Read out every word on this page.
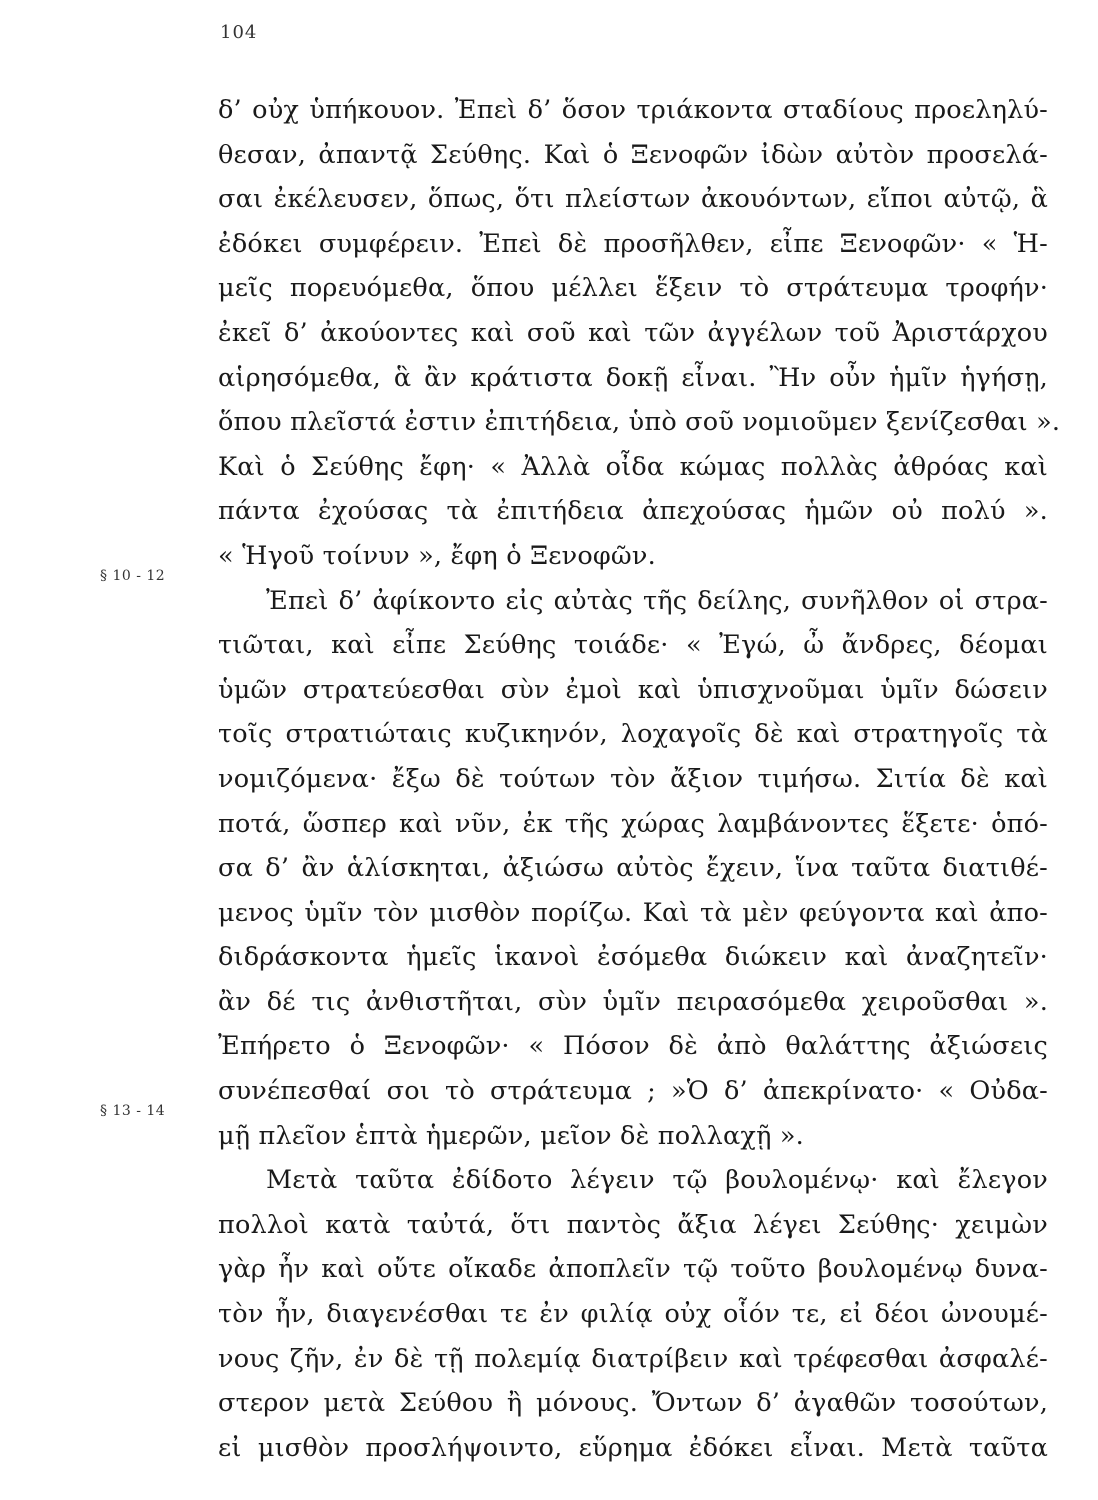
104
§ 10 - 12
§ 13 - 14
δ’ οὐχ ὑπήκουον. Ἐπεὶ δ’ ὅσον τριάκοντα σταδίους προεληλύ-
θεσαν, ἀπαντᾷ Σεύθης. Καὶ ὁ Ξενοφῶν ἰδὼν αὐτὸν προσελά-
σαι ἐκέλευσεν, ὅπως, ὅτι πλείστων ἀκουόντων, εἴποι αὐτῷ, ἃ
ἐδόκει συμφέρειν. Ἐπεὶ δὲ προσῆλθεν, εἶπε Ξενοφῶν· « Ἡ-
μεῖς πορευόμεθα, ὅπου μέλλει ἕξειν τὸ στράτευμα τροφήν·
ἐκεῖ δ’ ἀκούοντες καὶ σοῦ καὶ τῶν ἀγγέλων τοῦ Ἀριστάρχου
αἱρησόμεθα, ἃ ἂν κράτιστα δοκῇ εἶναι. Ἢν οὖν ἡμῖν ἡγήσῃ,
ὅπου πλεῖστά ἐστιν ἐπιτήδεια, ὑπὸ σοῦ νομιοῦμεν ξενίζεσθαι ».
Καὶ ὁ Σεύθης ἔφη· « Ἀλλὰ οἶδα κώμας πολλὰς ἀθρόας καὶ
πάντα ἐχούσας τὰ ἐπιτήδεια ἀπεχούσας ἡμῶν οὐ πολύ ».
« Ἡγοῦ τοίνυν », ἔφη ὁ Ξενοφῶν.
Ἐπεὶ δ’ ἀφίκοντο εἰς αὐτὰς τῆς δείλης, συνῆλθον οἱ στρα-
τιῶται, καὶ εἶπε Σεύθης τοιάδε· « Ἐγώ, ὦ ἄνδρες, δέομαι
ὑμῶν στρατεύεσθαι σὺν ἐμοὶ καὶ ὑπισχνοῦμαι ὑμῖν δώσειν
τοῖς στρατιώταις κυζικηνόν, λοχαγοῖς δὲ καὶ στρατηγοῖς τὰ
νομιζόμενα· ἔξω δὲ τούτων τὸν ἄξιον τιμήσω. Σιτία δὲ καὶ
ποτά, ὥσπερ καὶ νῦν, ἐκ τῆς χώρας λαμβάνοντες ἕξετε· ὁπό-
σα δ’ ἂν ἁλίσκηται, ἀξιώσω αὐτὸς ἔχειν, ἵνα ταῦτα διατιθέ-
μενος ὑμῖν τὸν μισθὸν πορίζω. Καὶ τὰ μὲν φεύγοντα καὶ ἀπο-
διδράσκοντα ἡμεῖς ἱκανοὶ ἐσόμεθα διώκειν καὶ ἀναζητεῖν·
ἂν δέ τις ἀνθιστῆται, σὺν ὑμῖν πειρασόμεθα χειροῦσθαι ».
Ἐπήρετο ὁ Ξενοφῶν· « Πόσον δὲ ἀπὸ θαλάττης ἀξιώσεις
συνέπεσθαί σοι τὸ στράτευμα ; »Ὁ δ’ ἀπεκρίνατο· « Οὐδα-
μῇ πλεῖον ἑπτὰ ἡμερῶν, μεῖον δὲ πολλαχῇ ».
Μετὰ ταῦτα ἐδίδοτο λέγειν τῷ βουλομένῳ· καὶ ἔλεγον
πολλοὶ κατὰ ταὐτά, ὅτι παντὸς ἄξια λέγει Σεύθης· χειμὼν
γὰρ ἦν καὶ οὔτε οἴκαδε ἀποπλεῖν τῷ τοῦτο βουλομένῳ δυνα-
τὸν ἦν, διαγενέσθαι τε ἐν φιλίᾳ οὐχ οἷόν τε, εἰ δέοι ὠνουμέ-
νους ζῆν, ἐν δὲ τῇ πολεμίᾳ διατρίβειν καὶ τρέφεσθαι ἀσφαλέ-
στερον μετὰ Σεύθου ἢ μόνους. Ὄντων δ’ ἀγαθῶν τοσούτων,
εἰ μισθὸν προσλήψοιντο, εὕρημα ἐδόκει εἶναι. Μετὰ ταῦτα
